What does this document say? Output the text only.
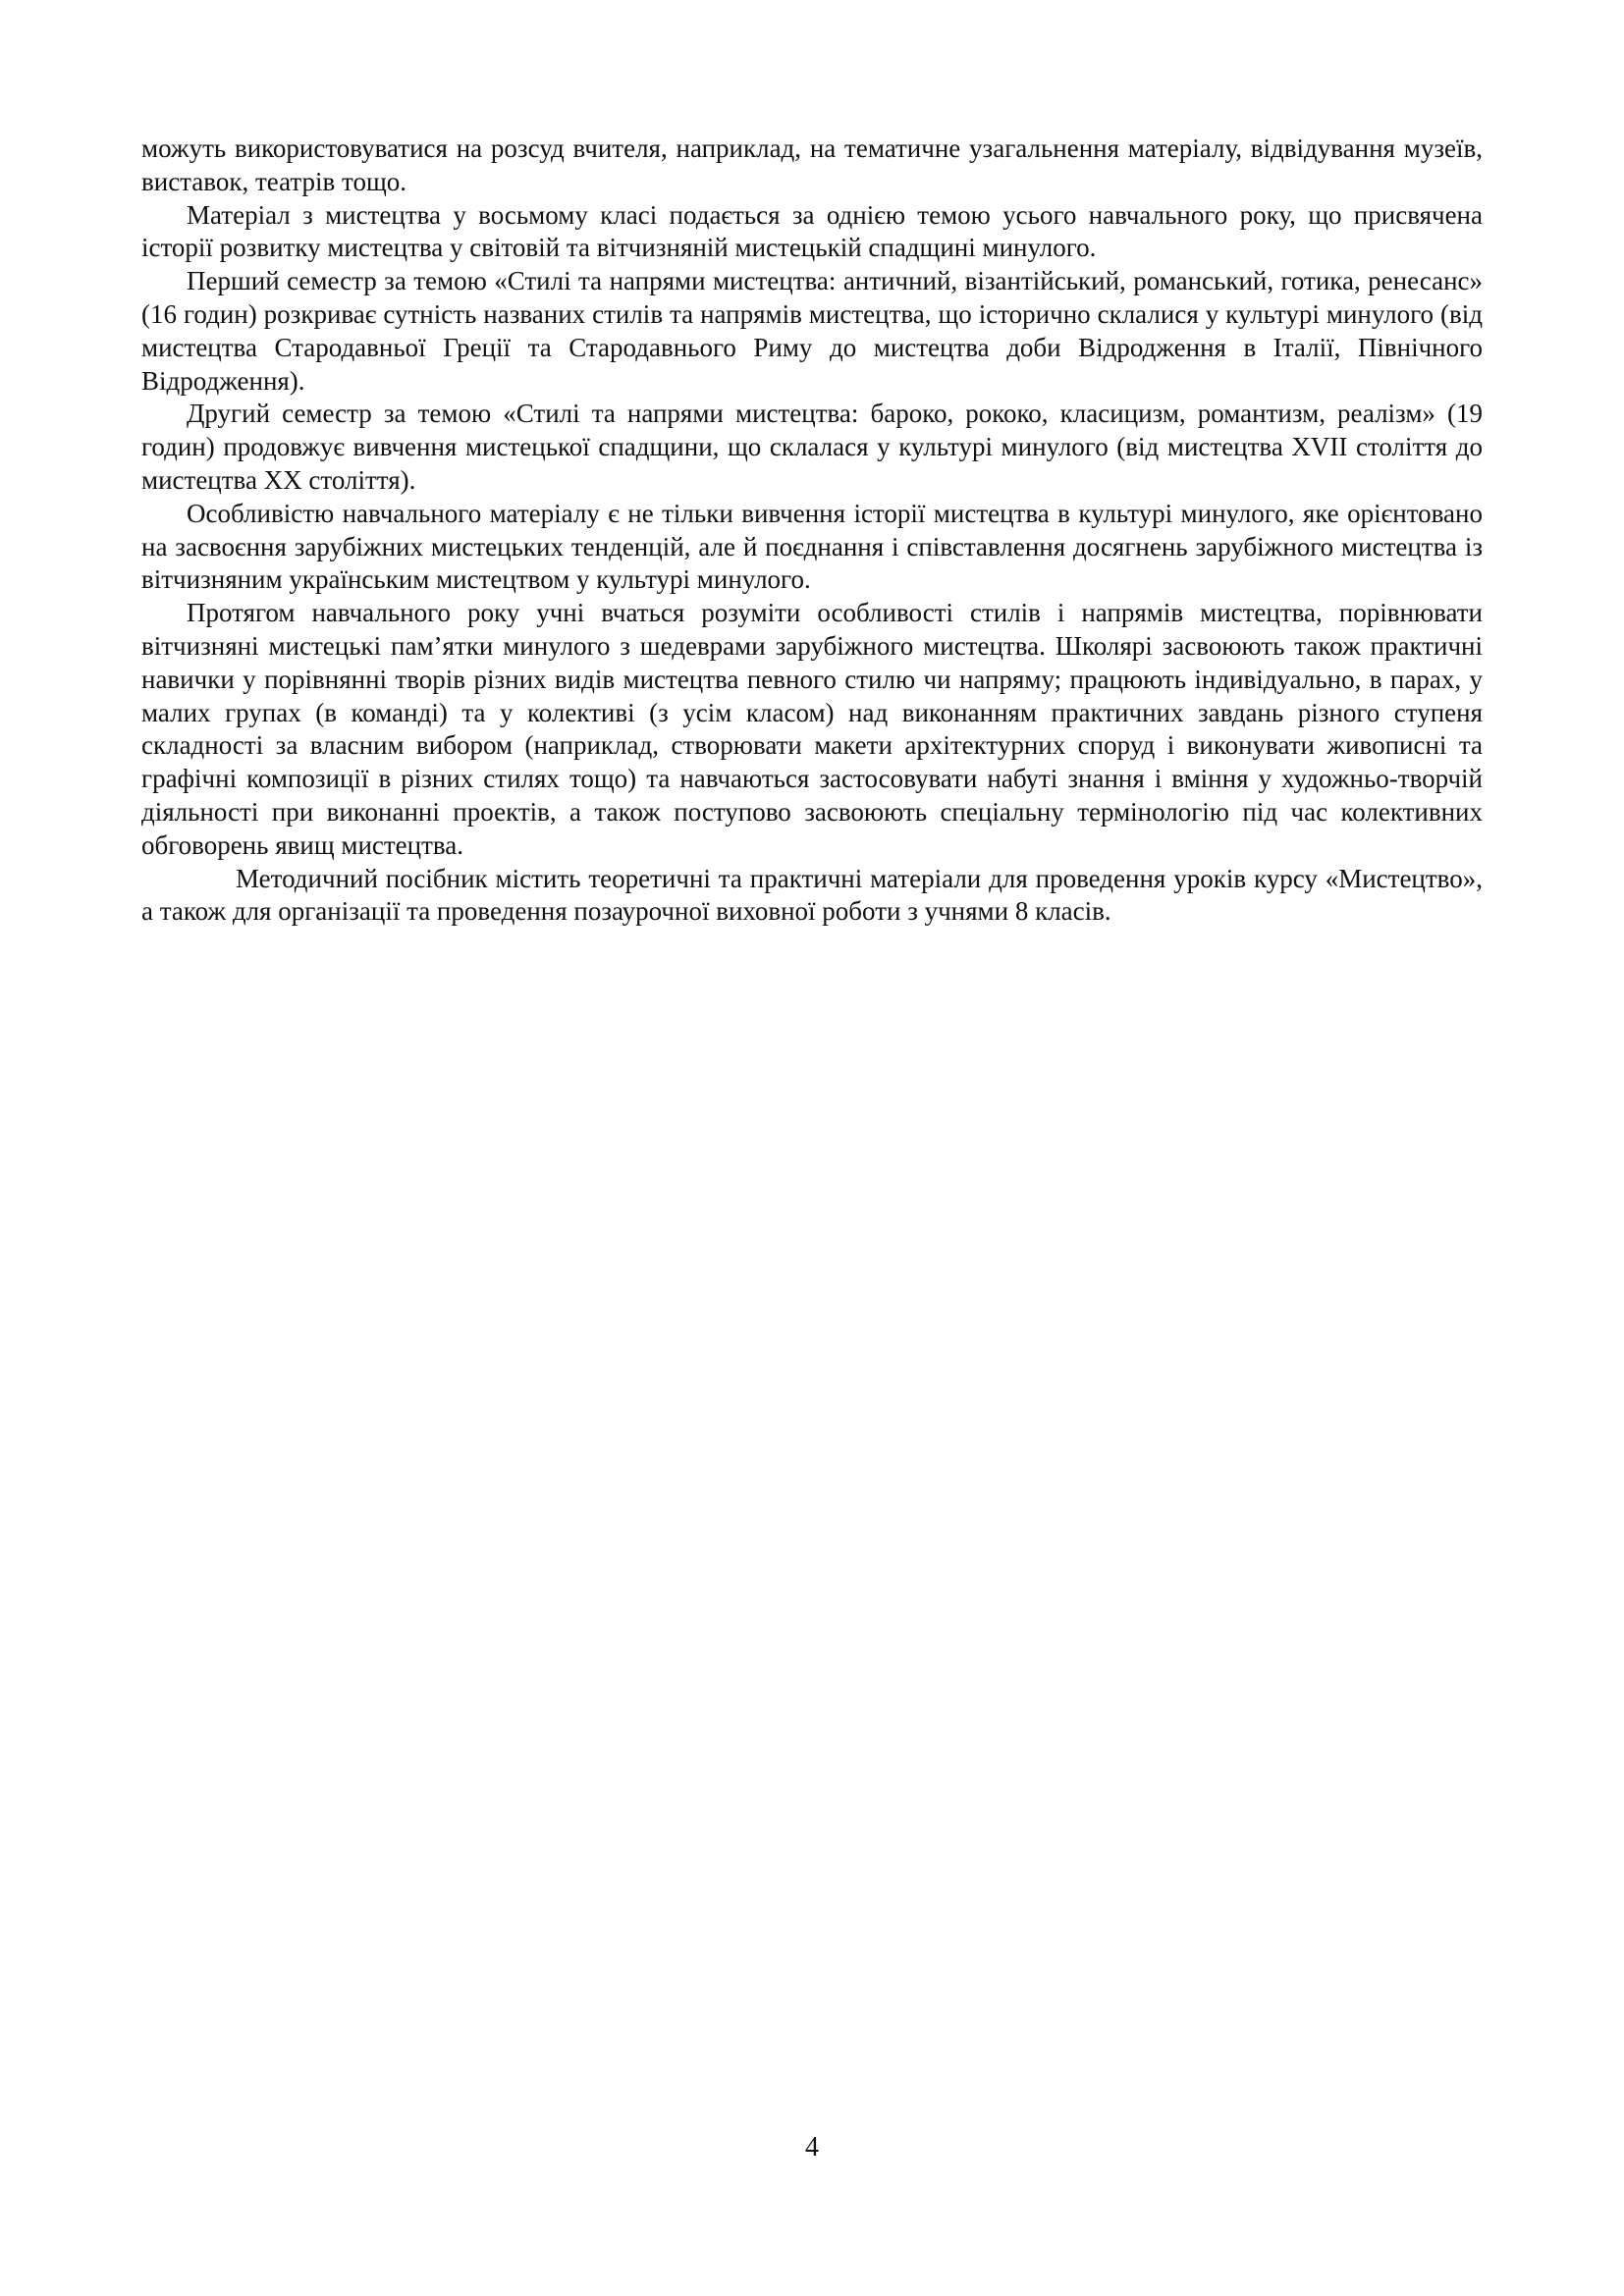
можуть використовуватися на розсуд вчителя, наприклад, на тематичне узагальнення матеріалу, відвідування музеїв, виставок, театрів тощо.

Матеріал з мистецтва у восьмому класі подається за однією темою усього навчального року, що присвячена історії розвитку мистецтва у світовій та вітчизняній мистецькій спадщині минулого.

Перший семестр за темою «Стилі та напрями мистецтва: античний, візантійський, романський, готика, ренесанс» (16 годин) розкриває сутність названих стилів та напрямів мистецтва, що історично склалися у культурі минулого (від мистецтва Стародавньої Греції та Стародавнього Риму до мистецтва доби Відродження в Італії, Північного Відродження).

Другий семестр за темою «Стилі та напрями мистецтва: бароко, рококо, класицизм, романтизм, реалізм» (19 годин) продовжує вивчення мистецької спадщини, що склалася у культурі минулого (від мистецтва XVII століття до мистецтва XX століття).

Особливістю навчального матеріалу є не тільки вивчення історії мистецтва в культурі минулого, яке орієнтовано на засвоєння зарубіжних мистецьких тенденцій, але й поєднання і співставлення досягнень зарубіжного мистецтва із вітчизняним українським мистецтвом у культурі минулого.

Протягом навчального року учні вчаться розуміти особливості стилів і напрямів мистецтва, порівнювати вітчизняні мистецькі пам’ятки минулого з шедеврами зарубіжного мистецтва. Школярі засвоюють також практичні навички у порівнянні творів різних видів мистецтва певного стилю чи напряму; працюють індивідуально, в парах, у малих групах (в команді) та у колективі (з усім класом) над виконанням практичних завдань різного ступеня складності за власним вибором (наприклад, створювати макети архітектурних споруд і виконувати живописні та графічні композиції в різних стилях тощо) та навчаються застосовувати набуті знання і вміння у художньо-творчій діяльності при виконанні проектів, а також поступово засвоюють спеціальну термінологію під час колективних обговорень явищ мистецтва.

Методичний посібник містить теоретичні та практичні матеріали для проведення уроків курсу «Мистецтво», а також для організації та проведення позаурочної виховної роботи з учнями 8 класів.

4
